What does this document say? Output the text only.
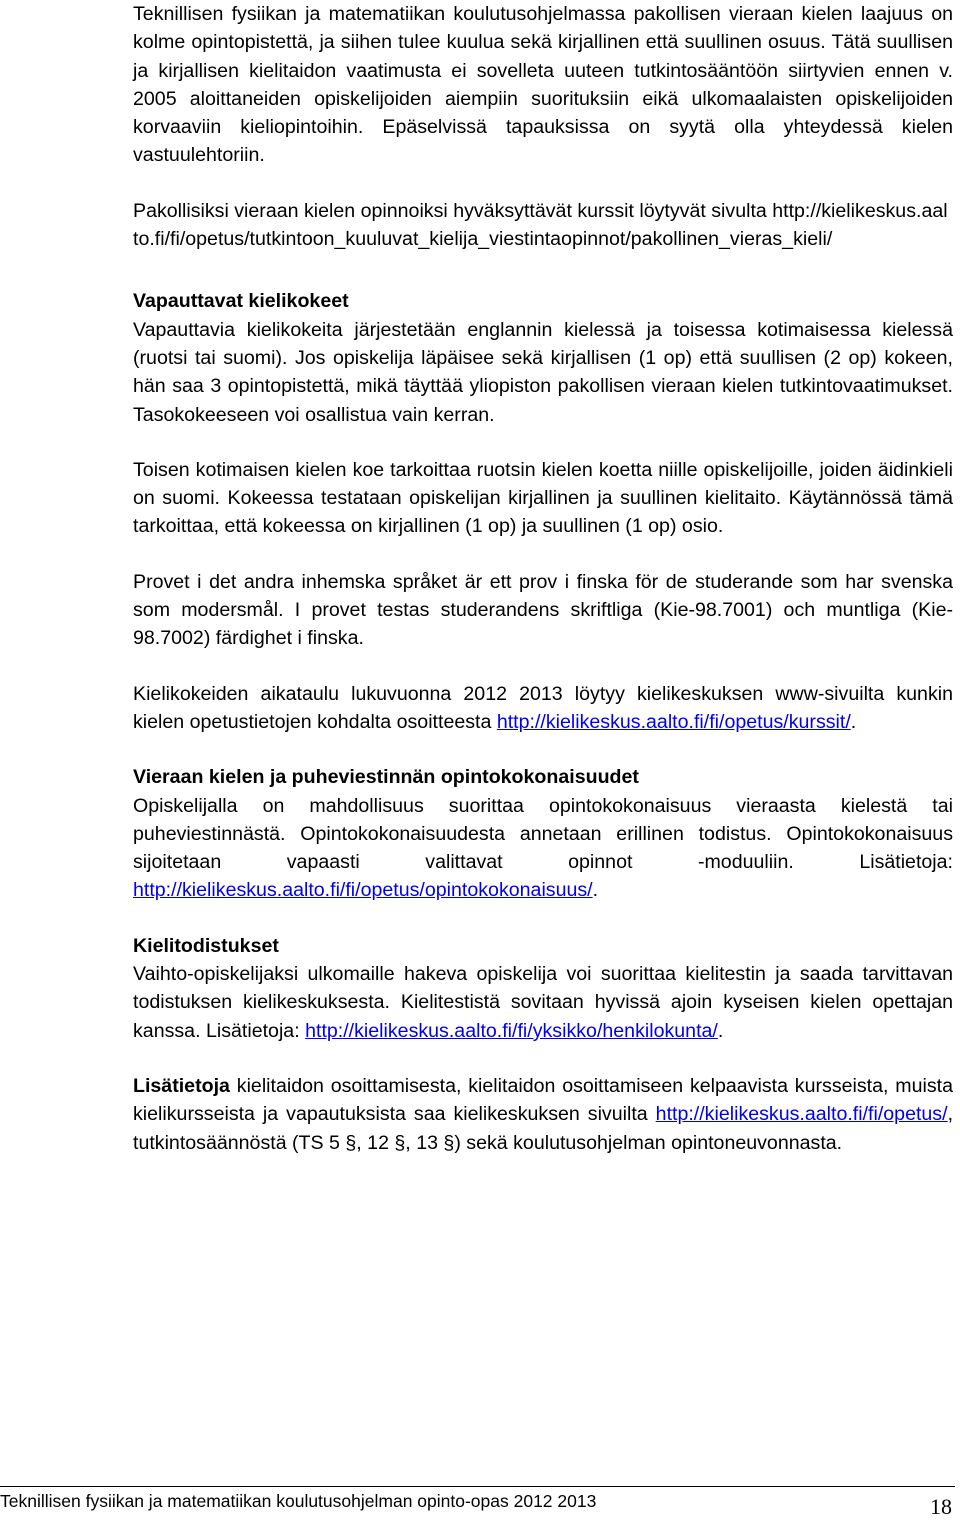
Teknillisen fysiikan ja matematiikan koulutusohjelmassa pakollisen vieraan kielen laajuus on kolme opintopistettä, ja siihen tulee kuulua sekä kirjallinen että suullinen osuus. Tätä suullisen ja kirjallisen kielitaidon vaatimusta ei sovelleta uuteen tutkintosääntöön siirtyvien ennen v. 2005 aloittaneiden opiskelijoiden aiempiin suorituksiin eikä ulkomaalaisten opiskelijoiden korvaaviin kieliopintoihin. Epäselvissä tapauksissa on syytä olla yhteydessä kielen vastuulehtoriin.

Pakollisiksi vieraan kielen opinnoiksi hyväksyttävät kurssit löytyvät sivulta http://kielikeskus.aalto.fi/fi/opetus/tutkintoon_kuuluvat_kielija_viestintaopinnot/pakollinen_vieras_kieli/

Vapauttavat kielikokeet
Vapauttavia kielikokeita järjestetään englannin kielessä ja toisessa kotimaisessa kielessä (ruotsi tai suomi). Jos opiskelija läpäisee sekä kirjallisen (1 op) että suullisen (2 op) kokeen, hän saa 3 opintopistettä, mikä täyttää yliopiston pakollisen vieraan kielen tutkintovaatimukset. Tasokokeeseen voi osallistua vain kerran.

Toisen kotimaisen kielen koe tarkoittaa ruotsin kielen koetta niille opiskelijoille, joiden äidinkieli on suomi. Kokeessa testataan opiskelijan kirjallinen ja suullinen kielitaito. Käytännössä tämä tarkoittaa, että kokeessa on kirjallinen (1 op) ja suullinen (1 op) osio.

Provet i det andra inhemska språket är ett prov i finska för de studerande som har svenska som modersmål. I provet testas studerandens skriftliga (Kie-98.7001) och muntliga (Kie-98.7002) färdighet i finska.

Kielikokeiden aikataulu lukuvuonna 2012 2013 löytyy kielikeskuksen www-sivuilta kunkin kielen opetustietojen kohdalta osoitteesta http://kielikeskus.aalto.fi/fi/opetus/kurssit/.

Vieraan kielen ja puheviestinnän opintokokonaisuudet
Opiskelijalla on mahdollisuus suorittaa opintokokonaisuus vieraasta kielestä tai puheviestinnästä. Opintokokonaisuudesta annetaan erillinen todistus. Opintokokonaisuus sijoitetaan vapaasti valittavat opinnot -moduuliin. Lisätietoja: http://kielikeskus.aalto.fi/fi/opetus/opintokokonaisuus/.

Kielitodistukset
Vaihto-opiskelijaksi ulkomaille hakeva opiskelija voi suorittaa kielitestin ja saada tarvittavan todistuksen kielikeskuksesta. Kielitestistä sovitaan hyvissä ajoin kyseisen kielen opettajan kanssa. Lisätietoja: http://kielikeskus.aalto.fi/fi/yksikko/henkilokunta/.

Lisätietoja kielitaidon osoittamisesta, kielitaidon osoittamiseen kelpaavista kursseista, muista kielikursseista ja vapautuksista saa kielikeskuksen sivuilta http://kielikeskus.aalto.fi/fi/opetus/, tutkintosäännöstä (TS 5 §, 12 §, 13 §) sekä koulutusohjelman opintoneuvonnasta.

Teknillisen fysiikan ja matematiikan koulutusohjelman opinto-opas 2012 2013	18
